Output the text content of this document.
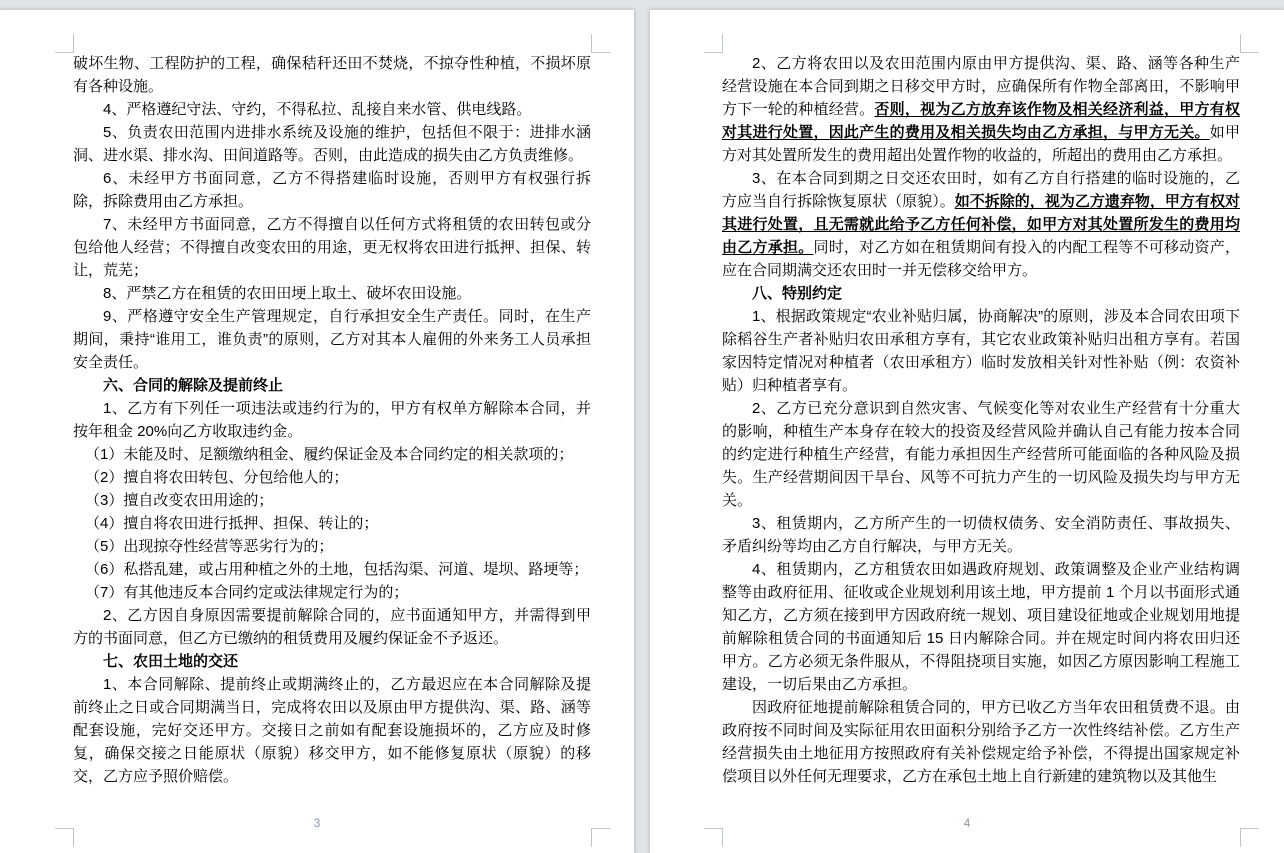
破坏生物、工程防护的工程，确保秸秆还田不焚烧，不掠夺性种植，不损坏原有各种设施。

4、严格遵纪守法、守约，不得私拉、乱接自来水管、供电线路。

5、负责农田范围内进排水系统及设施的维护，包括但不限于：进排水涵洞、进水渠、排水沟、田间道路等。否则，由此造成的损失由乙方负责维修。

6、未经甲方书面同意，乙方不得搭建临时设施，否则甲方有权强行拆除，拆除费用由乙方承担。

7、未经甲方书面同意，乙方不得擅自以任何方式将租赁的农田转包或分包给他人经营；不得擅自改变农田的用途，更无权将农田进行抵押、担保、转让，荒芜；

8、严禁乙方在租赁的农田田埂上取土、破坏农田设施。

9、严格遵守安全生产管理规定，自行承担安全生产责任。同时，在生产期间，秉持“谁用工，谁负责”的原则，乙方对其本人雇佣的外来务工人员承担安全责任。

六、合同的解除及提前终止

1、乙方有下列任一项违法或违约行为的，甲方有权单方解除本合同，并按年租金 20%向乙方收取违约金。

（1）未能及时、足额缴纳租金、履约保证金及本合同约定的相关款项的；

（2）擅自将农田转包、分包给他人的；

（3）擅自改变农田用途的；

（4）擅自将农田进行抵押、担保、转让的；

（5）出现掠夺性经营等恶劣行为的；

（6）私搭乱建，或占用种植之外的土地，包括沟渠、河道、堤坝、路埂等；

（7）有其他违反本合同约定或法律规定行为的；

2、乙方因自身原因需要提前解除合同的，应书面通知甲方，并需得到甲方的书面同意，但乙方已缴纳的租赁费用及履约保证金不予返还。

七、农田土地的交还

1、本合同解除、提前终止或期满终止的，乙方最迟应在本合同解除及提前终止之日或合同期满当日，完成将农田以及原由甲方提供沟、渠、路、涵等配套设施，完好交还甲方。交接日之前如有配套设施损坏的，乙方应及时修复，确保交接之日能原状（原貌）移交甲方，如不能修复原状（原貌）的移交，乙方应予照价赔偿。

3

2、乙方将农田以及农田范围内原由甲方提供沟、渠、路、涵等各种生产经营设施在本合同到期之日移交甲方时，应确保所有作物全部离田，不影响甲方下一轮的种植经营。否则，视为乙方放弃该作物及相关经济利益，甲方有权对其进行处置，因此产生的费用及相关损失均由乙方承担，与甲方无关。如甲方对其处置所发生的费用超出处置作物的收益的，所超出的费用由乙方承担。

3、在本合同到期之日交还农田时，如有乙方自行搭建的临时设施的，乙方应当自行拆除恢复原状（原貌）。如不拆除的，视为乙方遗弃物，甲方有权对其进行处置，且无需就此给予乙方任何补偿，如甲方对其处置所发生的费用均由乙方承担。同时，对乙方如在租赁期间有投入的内配工程等不可移动资产，应在合同期满交还农田时一并无偿移交给甲方。

八、特别约定

1、根据政策规定“农业补贴归属，协商解决”的原则，涉及本合同农田项下除稻谷生产者补贴归农田承租方享有，其它农业政策补贴归出租方享有。若国家因特定情况对种植者（农田承租方）临时发放相关针对性补贴（例：农资补贴）归种植者享有。

2、乙方已充分意识到自然灾害、气候变化等对农业生产经营有十分重大的影响，种植生产本身存在较大的投资及经营风险并确认自己有能力按本合同的约定进行种植生产经营，有能力承担因生产经营所可能面临的各种风险及损失。生产经营期间因干旱台、风等不可抗力产生的一切风险及损失均与甲方无关。

3、租赁期内，乙方所产生的一切债权债务、安全消防责任、事故损失、矛盾纠纷等均由乙方自行解决，与甲方无关。

4、租赁期内，乙方租赁农田如遇政府规划、政策调整及企业产业结构调整等由政府征用、征收或企业规划利用该土地，甲方提前 1 个月以书面形式通知乙方，乙方须在接到甲方因政府统一规划、项目建设征地或企业规划用地提前解除租赁合同的书面通知后 15 日内解除合同。并在规定时间内将农田归还甲方。乙方必须无条件服从，不得阻挠项目实施，如因乙方原因影响工程施工建设，一切后果由乙方承担。

因政府征地提前解除租赁合同的，甲方已收乙方当年农田租赁费不退。由政府按不同时间及实际征用农田面积分别给予乙方一次性终结补偿。乙方生产经营损失由土地征用方按照政府有关补偿规定给予补偿，不得提出国家规定补偿项目以外任何无理要求，乙方在承包土地上自行新建的建筑物以及其他生

4
